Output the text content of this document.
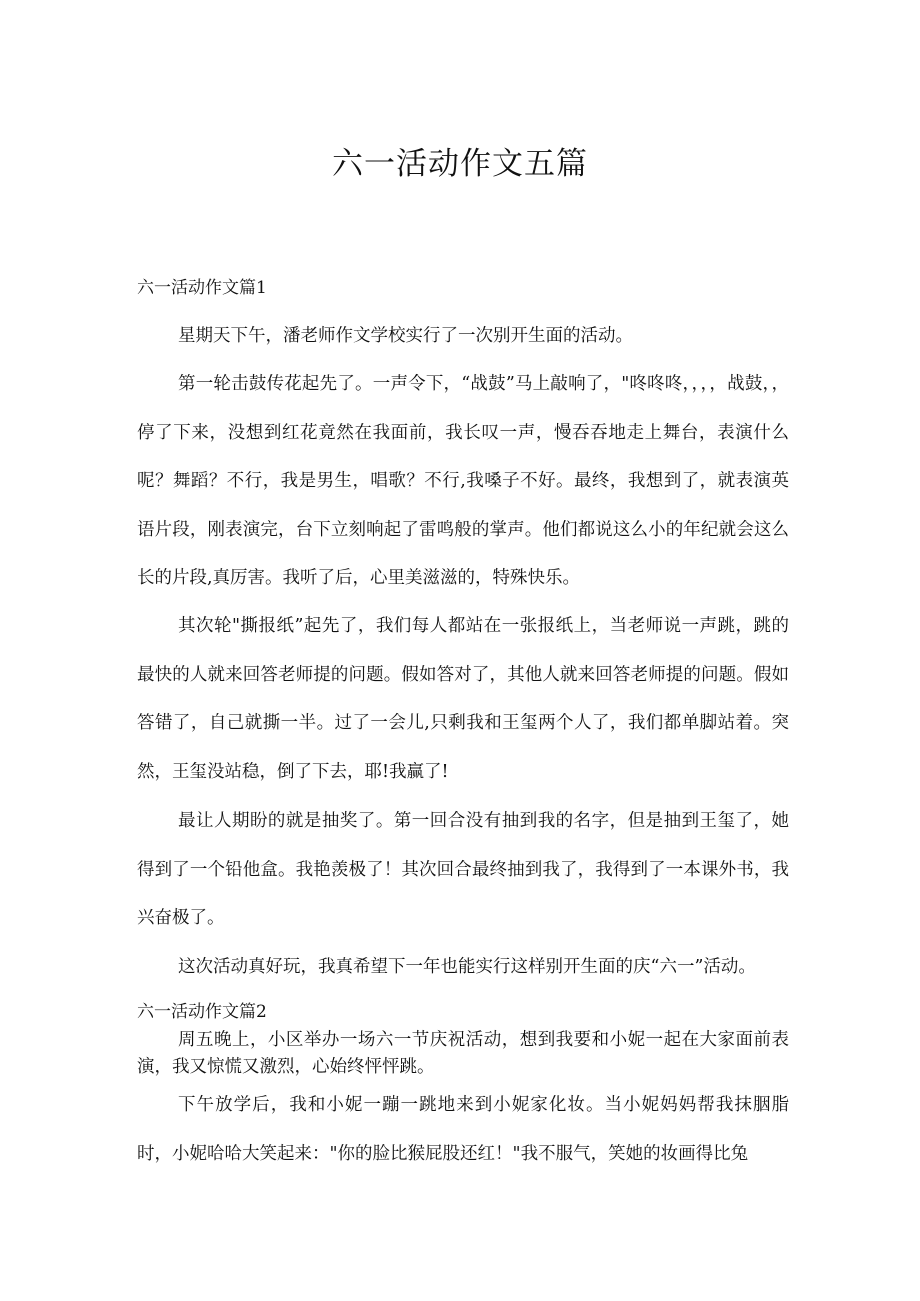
六一活动作文五篇
六一活动作文篇1

星期天下午，潘老师作文学校实行了一次别开生面的活动。

第一轮击鼓传花起先了。一声令下，“战鼓”马上敲响了，"咚咚咚，，，，战鼓，，停了下来，没想到红花竟然在我面前，我长叹一声，慢吞吞地走上舞台，表演什么呢？舞蹈？不行，我是男生，唱歌？不行,我嗓子不好。最终，我想到了，就表演英语片段，刚表演完，台下立刻响起了雷鸣般的掌声。他们都说这么小的年纪就会这么长的片段,真厉害。我听了后，心里美滋滋的，特殊快乐。

其次轮"撕报纸”起先了，我们每人都站在一张报纸上，当老师说一声跳，跳的最快的人就来回答老师提的问题。假如答对了，其他人就来回答老师提的问题。假如答错了，自己就撕一半。过了一会儿,只剩我和王玺两个人了，我们都单脚站着。突然，王玺没站稳，倒了下去，耶!我赢了!

最让人期盼的就是抽奖了。第一回合没有抽到我的名字，但是抽到王玺了，她得到了一个铅他盒。我艳羡极了！其次回合最终抽到我了，我得到了一本课外书，我兴奋极了。

这次活动真好玩，我真希望下一年也能实行这样别开生面的庆“六一”活动。

六一活动作文篇2

周五晚上，小区举办一场六一节庆祝活动，想到我要和小妮一起在大家面前表演，我又惊慌又激烈，心始终怦怦跳。

下午放学后，我和小妮一蹦一跳地来到小妮家化妆。当小妮妈妈帮我抹胭脂时，小妮哈哈大笑起来："你的脸比猴屁股还红！"我不服气，笑她的妆画得比兔
